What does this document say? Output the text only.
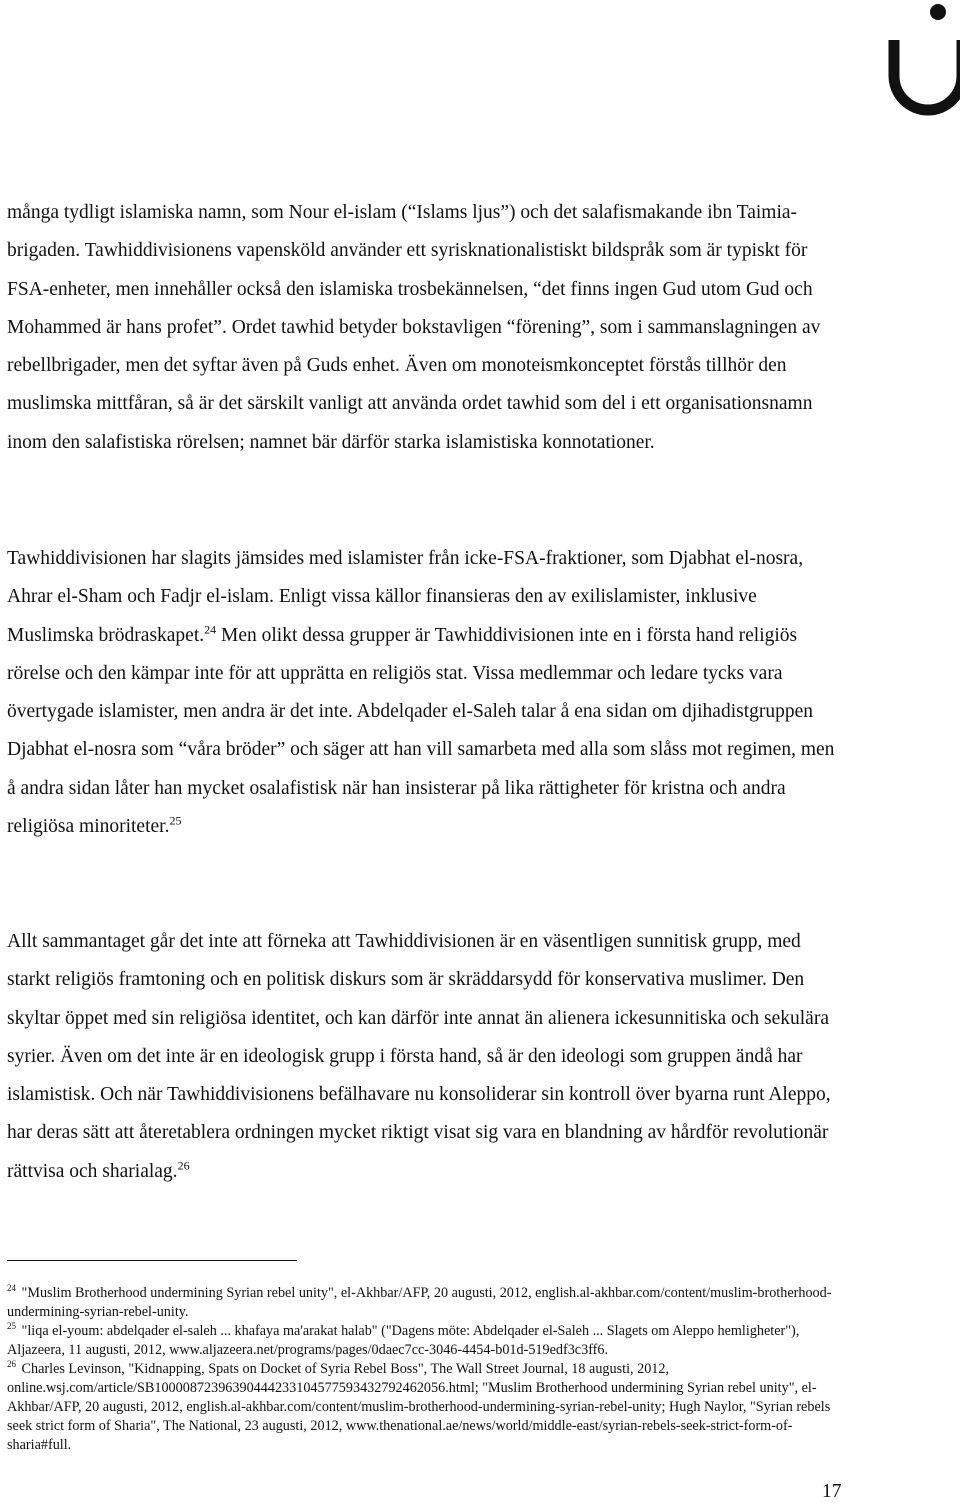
många tydligt islamiska namn, som Nour el-islam (“Islams ljus”) och det salafismakande ibn Taimia-brigaden. Tawhiddivisionens vapensköld använder ett syrisknationalistiskt bildspråk som är typiskt för FSA-enheter, men innehåller också den islamiska trosbekännelsen, “det finns ingen Gud utom Gud och Mohammed är hans profet”. Ordet tawhid betyder bokstavligen “förening”, som i sammanslagningen av rebellbrigader, men det syftar även på Guds enhet. Även om monoteismkonceptet förstås tillhör den muslimska mittfåran, så är det särskilt vanligt att använda ordet tawhid som del i ett organisationsnamn inom den salafistiska rörelsen; namnet bär därför starka islamistiska konnotationer.

Tawhiddivisionen har slagits jämsides med islamister från icke-FSA-fraktioner, som Djabhat el-nosra, Ahrar el-Sham och Fadjr el-islam. Enligt vissa källor finansieras den av exilislamister, inklusive Muslimska brödraskapet.$^{24}$ Men olikt dessa grupper är Tawhiddivisionen inte en i första hand religiös rörelse och den kämpar inte för att upprätta en religiös stat. Vissa medlemmar och ledare tycks vara övertygade islamister, men andra är det inte. Abdelqader el-Saleh talar å ena sidan om djihadistgruppen Djabhat el-nosra som “våra bröder” och säger att han vill samarbeta med alla som slåss mot regimen, men å andra sidan låter han mycket osalafistisk när han insisterar på lika rättigheter för kristna och andra religiösa minoriteter.$^{25}$

Allt sammantaget går det inte att förneka att Tawhiddivisionen är en väsentligen sunnitisk grupp, med starkt religiös framtoning och en politisk diskurs som är skräddarsydd för konservativa muslimer. Den skyltar öppet med sin religiösa identitet, och kan därför inte annat än alienera ickesunnitiska och sekulära syrier. Även om det inte är en ideologisk grupp i första hand, så är den ideologi som gruppen ändå har islamistisk. Och när Tawhiddivisionens befälhavare nu konsoliderar sin kontroll över byarna runt Aleppo, har deras sätt att återetablera ordningen mycket riktigt visat sig vara en blandning av hårdför revolutionär rättvisa och sharialag.$^{26}$

$^{24}$ "Muslim Brotherhood undermining Syrian rebel unity", el-Akhbar/AFP, 20 augusti, 2012, english.al-akhbar.com/content/muslim-brotherhood-undermining-syrian-rebel-unity.

$^{25}$ "liqa el-youm: abdelqader el-saleh ... khafaya ma'arakat halab" ("Dagens möte: Abdelqader el-Saleh ... Slagets om Aleppo hemligheter"), Aljazeera, 11 augusti, 2012, www.aljazeera.net/programs/pages/0daec7cc-3046-4454-b01d-519edf3c3ff6.

$^{26}$ Charles Levinson, "Kidnapping, Spats on Docket of Syria Rebel Boss", The Wall Street Journal, 18 augusti, 2012, online.wsj.com/article/SB10000872396390444233104577593432792462056.html; "Muslim Brotherhood undermining Syrian rebel unity", el-Akhbar/AFP, 20 augusti, 2012, english.al-akhbar.com/content/muslim-brotherhood-undermining-syrian-rebel-unity; Hugh Naylor, "Syrian rebels seek strict form of Sharia", The National, 23 augusti, 2012, www.thenational.ae/news/world/middle-east/syrian-rebels-seek-strict-form-of-sharia#full.

17
